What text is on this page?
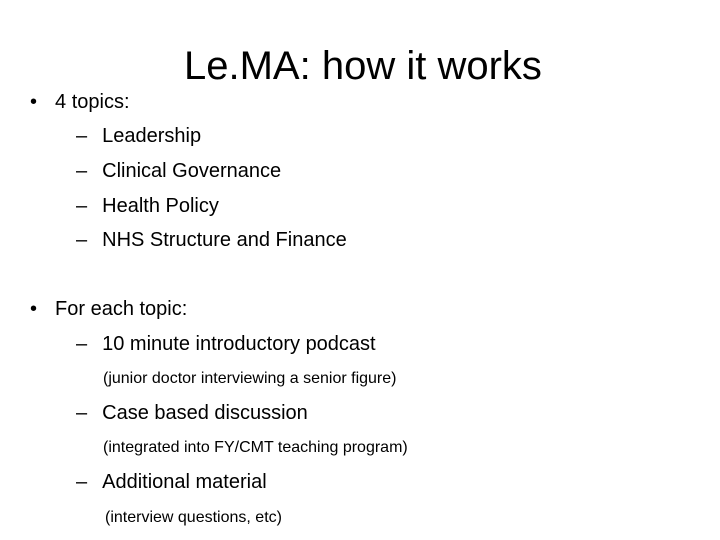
Le.MA: how it works
• 4 topics:
– Leadership
– Clinical Governance
– Health Policy
– NHS Structure and Finance
• For each topic:
– 10 minute introductory podcast
(junior doctor interviewing a senior figure)
– Case based discussion
(integrated into FY/CMT teaching program)
– Additional material
(interview questions, etc)
